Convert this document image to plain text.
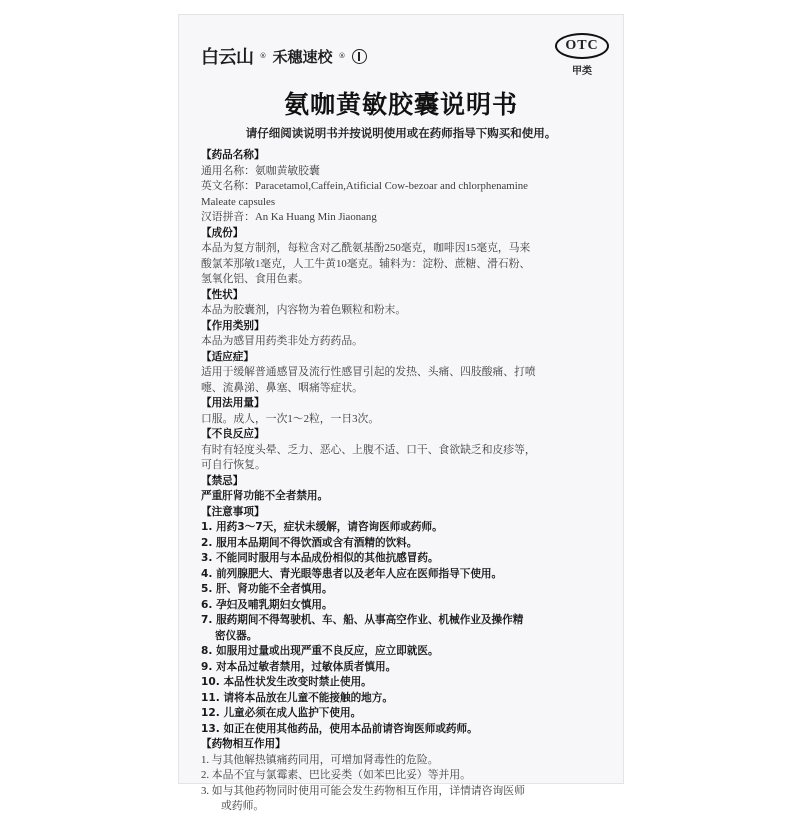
白云山 ® 禾穗速校 ®
OTC
甲类
氨咖黄敏胶囊说明书
请仔细阅读说明书并按说明使用或在药师指导下购买和使用。
【药品名称】
通用名称：氨咖黄敏胶囊
英文名称：Paracetamol,Caffein,Atificial Cow-bezoar and chlorphenamine
Maleate capsules
汉语拼音：An Ka Huang Min Jiaonang
【成份】
本品为复方制剂，每粒含对乙酰氨基酚250毫克，咖啡因15毫克，马来
酸氯苯那敏1毫克，人工牛黄10毫克。辅料为：淀粉、蔗糖、滑石粉、
氢氧化铝、食用色素。
【性状】
本品为胶囊剂，内容物为着色颗粒和粉末。
【作用类别】
本品为感冒用药类非处方药药品。
【适应症】
适用于缓解普通感冒及流行性感冒引起的发热、头痛、四肢酸痛、打喷
嚏、流鼻涕、鼻塞、咽痛等症状。
【用法用量】
口服。成人，一次1～2粒，一日3次。
【不良反应】
有时有轻度头晕、乏力、恶心、上腹不适、口干、食欲缺乏和皮疹等，
可自行恢复。
【禁忌】
严重肝肾功能不全者禁用。
【注意事项】
1. 用药3～7天，症状未缓解，请咨询医师或药师。
2. 服用本品期间不得饮酒或含有酒精的饮料。
3. 不能同时服用与本品成份相似的其他抗感冒药。
4. 前列腺肥大、青光眼等患者以及老年人应在医师指导下使用。
5. 肝、肾功能不全者慎用。
6. 孕妇及哺乳期妇女慎用。
7. 服药期间不得驾驶机、车、船、从事高空作业、机械作业及操作精
密仪器。
8. 如服用过量或出现严重不良反应，应立即就医。
9. 对本品过敏者禁用，过敏体质者慎用。
10. 本品性状发生改变时禁止使用。
11. 请将本品放在儿童不能接触的地方。
12. 儿童必须在成人监护下使用。
13. 如正在使用其他药品，使用本品前请咨询医师或药师。
【药物相互作用】
1. 与其他解热镇痛药同用，可增加肾毒性的危险。
2. 本品不宜与氯霉素、巴比妥类（如苯巴比妥）等并用。
3. 如与其他药物同时使用可能会发生药物相互作用，详情请咨询医师
或药师。
